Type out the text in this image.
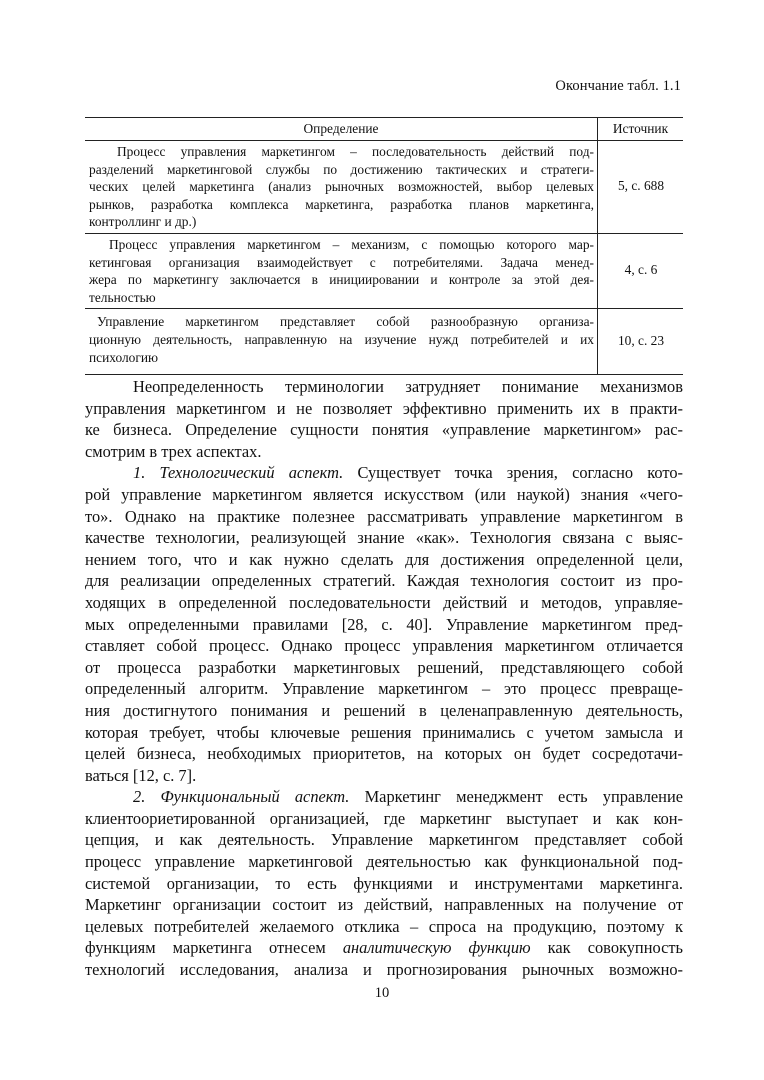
Окончание табл. 1.1
Определение	Источник

Процесс управления маркетингом – последовательность действий под-
разделений маркетинговой службы по достижению тактических и стратеги-
ческих целей маркетинга (анализ рыночных возможностей, выбор целевых
рынков, разработка комплекса маркетинга, разработка планов маркетинга,
контроллинг и др.)	5, с. 688

Процесс управления маркетингом – механизм, с помощью которого мар-
кетинговая организация взаимодействует с потребителями. Задача менед-
жера по маркетингу заключается в инициировании и контроле за этой дея-
тельностью	4, с. 6

Управление маркетингом представляет собой разнообразную организа-
ционную деятельность, направленную на изучение нужд потребителей и их
психологию	10, с. 23
Неопределенность терминологии затрудняет понимание механизмов
управления маркетингом и не позволяет эффективно применить их в практи-
ке бизнеса. Определение сущности понятия «управление маркетингом» рас-
смотрим в трех аспектах.
1. Технологический аспект. Существует точка зрения, согласно кото-
рой управление маркетингом является искусством (или наукой) знания «чего-
то». Однако на практике полезнее рассматривать управление маркетингом в
качестве технологии, реализующей знание «как». Технология связана с выяс-
нением того, что и как нужно сделать для достижения определенной цели,
для реализации определенных стратегий. Каждая технология состоит из про-
ходящих в определенной последовательности действий и методов, управляе-
мых определенными правилами [28, с. 40]. Управление маркетингом пред-
ставляет собой процесс. Однако процесс управления маркетингом отличается
от процесса разработки маркетинговых решений, представляющего собой
определенный алгоритм. Управление маркетингом – это процесс превраще-
ния достигнутого понимания и решений в целенаправленную деятельность,
которая требует, чтобы ключевые решения принимались с учетом замысла и
целей бизнеса, необходимых приоритетов, на которых он будет сосредотачи-
ваться [12, с. 7].
2. Функциональный аспект. Маркетинг менеджмент есть управление
клиентоориетированной организацией, где маркетинг выступает и как кон-
цепция, и как деятельность. Управление маркетингом представляет собой
процесс управление маркетинговой деятельностью как функциональной под-
системой организации, то есть функциями и инструментами маркетинга.
Маркетинг организации состоит из действий, направленных на получение от
целевых потребителей желаемого отклика – спроса на продукцию, поэтому к
функциям маркетинга отнесем аналитическую функцию как совокупность
технологий исследования, анализа и прогнозирования рыночных возможно-
10
